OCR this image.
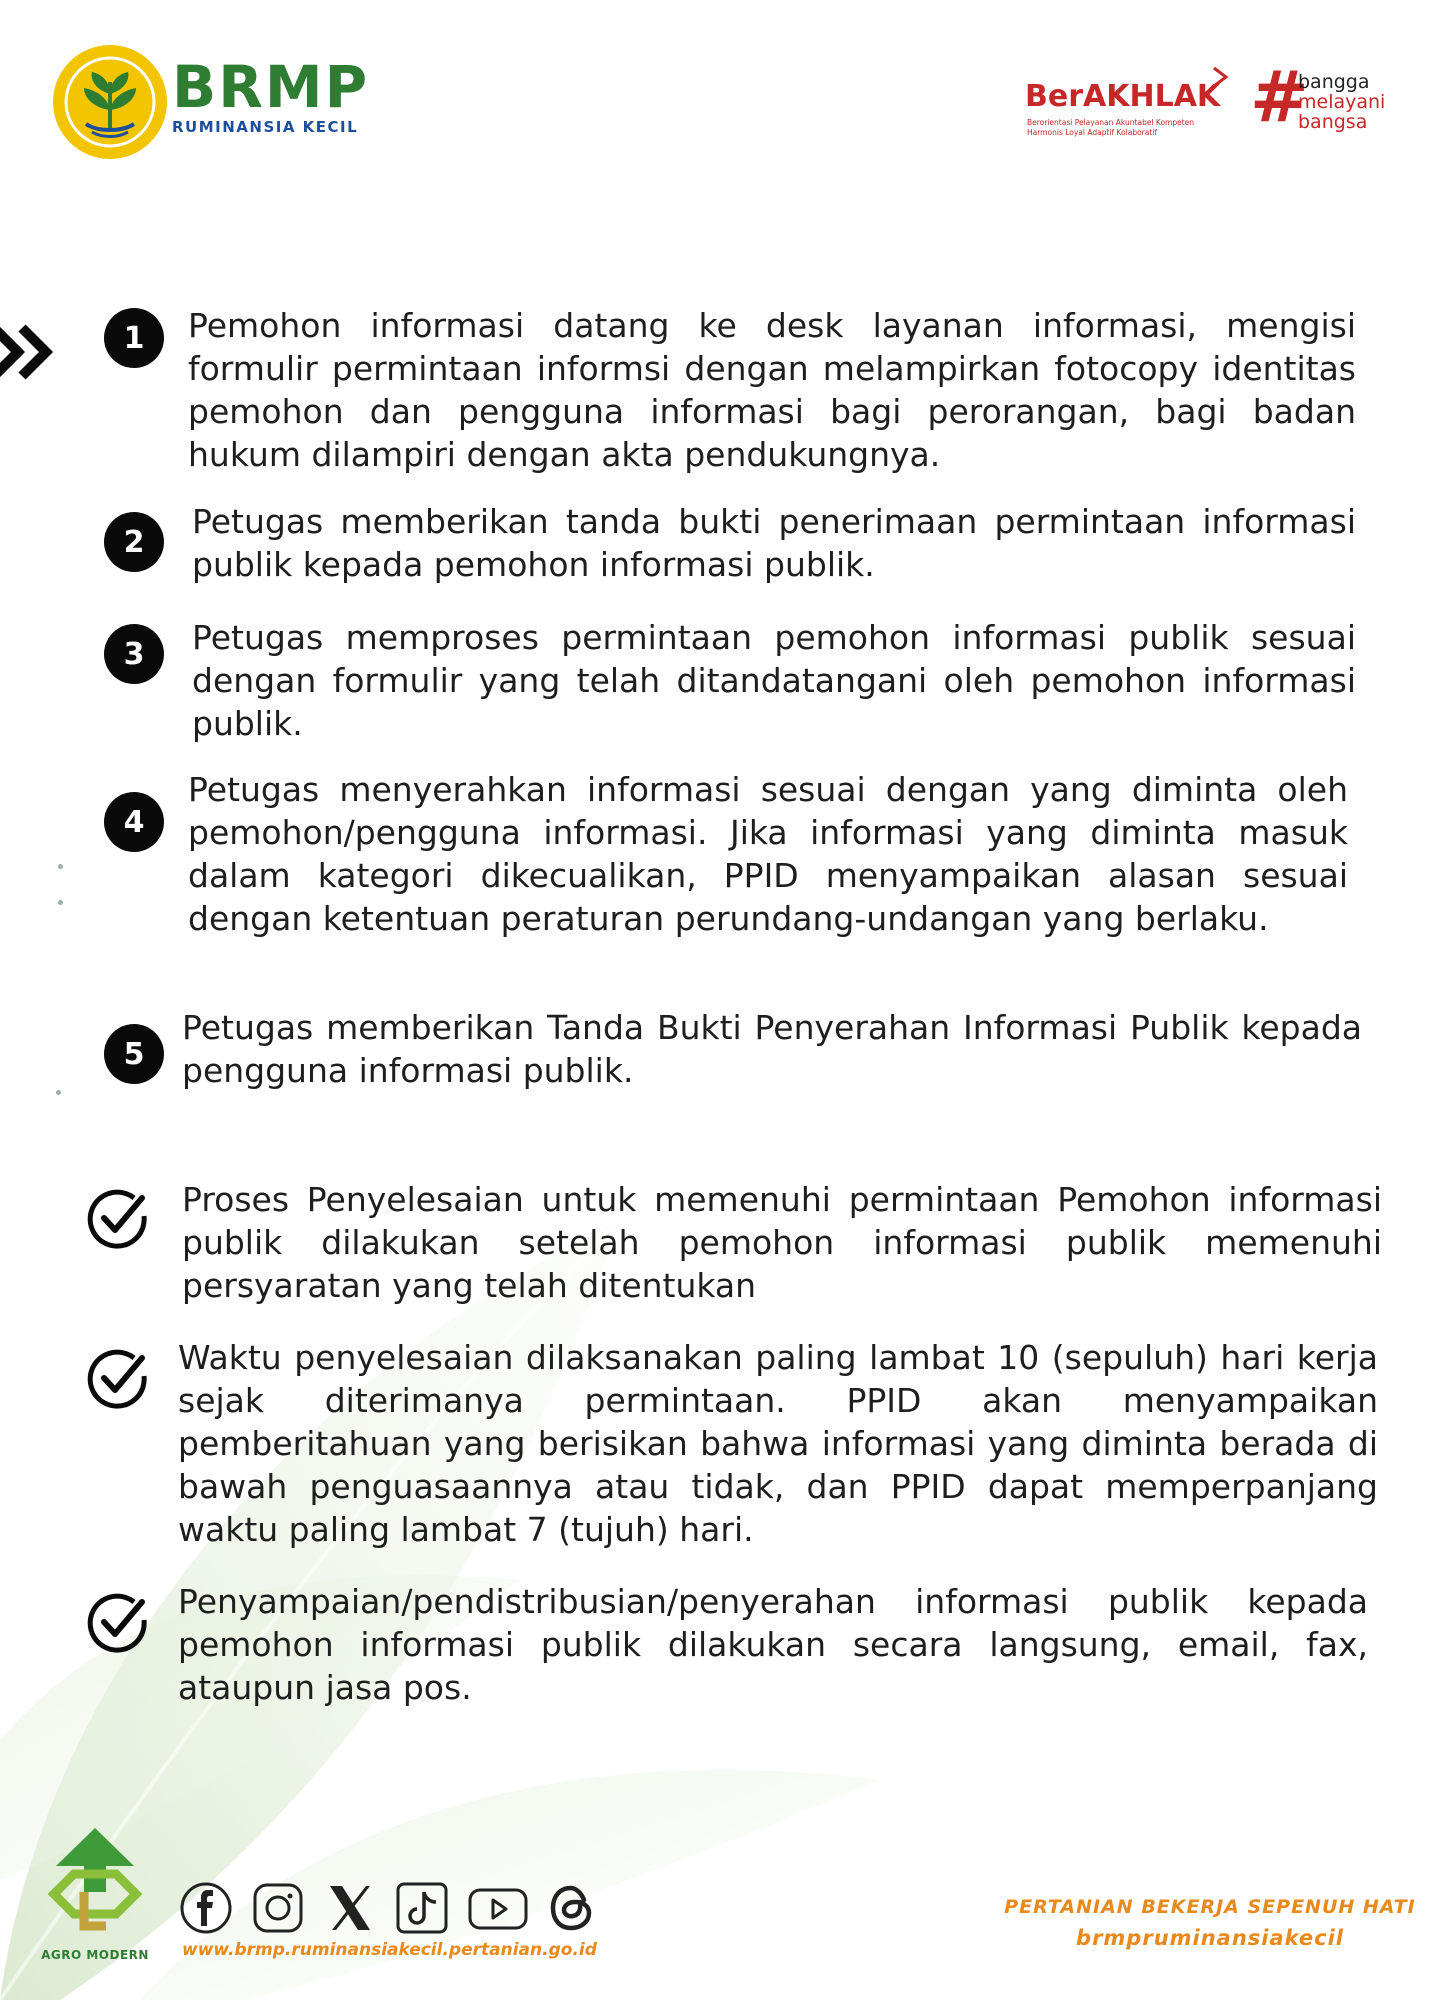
BRMP
RUMINANSIA KECIL
BerAKHLAK
Berorientasi Pelayanan Akuntabel Kompeten
Harmonis Loyal Adaptif Kolaboratif	#
bangga
melayani
bangsa
1	Pemohon informasi datang ke desk layanan informasi, mengisi formulir permintaan informsi dengan melampirkan fotocopy identitas pemohon dan pengguna informasi bagi perorangan, bagi badan hukum dilampiri dengan akta pendukungnya.
2
Petugas memberikan tanda bukti penerimaan permintaan informasi publik kepada pemohon informasi publik.
3	Petugas memproses permintaan pemohon informasi publik sesuai dengan formulir yang telah ditandatangani oleh pemohon informasi publik.
4
Petugas menyerahkan informasi sesuai dengan yang diminta oleh pemohon/pengguna informasi. Jika informasi yang diminta masuk dalam kategori dikecualikan, PPID menyampaikan alasan sesuai dengan ketentuan peraturan perundang-undangan yang berlaku.
5
Petugas memberikan Tanda Bukti Penyerahan Informasi Publik kepada pengguna informasi publik.
Proses Penyelesaian untuk memenuhi permintaan Pemohon informasi publik dilakukan setelah pemohon informasi publik memenuhi persyaratan yang telah ditentukan
Waktu penyelesaian dilaksanakan paling lambat 10 (sepuluh) hari kerja sejak diterimanya permintaan. PPID akan menyampaikan pemberitahuan yang berisikan bahwa informasi yang diminta berada di bawah penguasaannya atau tidak, dan PPID dapat memperpanjang waktu paling lambat 7 (tujuh) hari.
Penyampaian/pendistribusian/penyerahan informasi publik kepada pemohon informasi publik dilakukan secara langsung, email, fax, ataupun jasa pos.
AGRO MODERN www.brmp.ruminansiakecil.pertanian.go.id
PERTANIAN BEKERJA SEPENUH HATI
brmpruminansiakecil
